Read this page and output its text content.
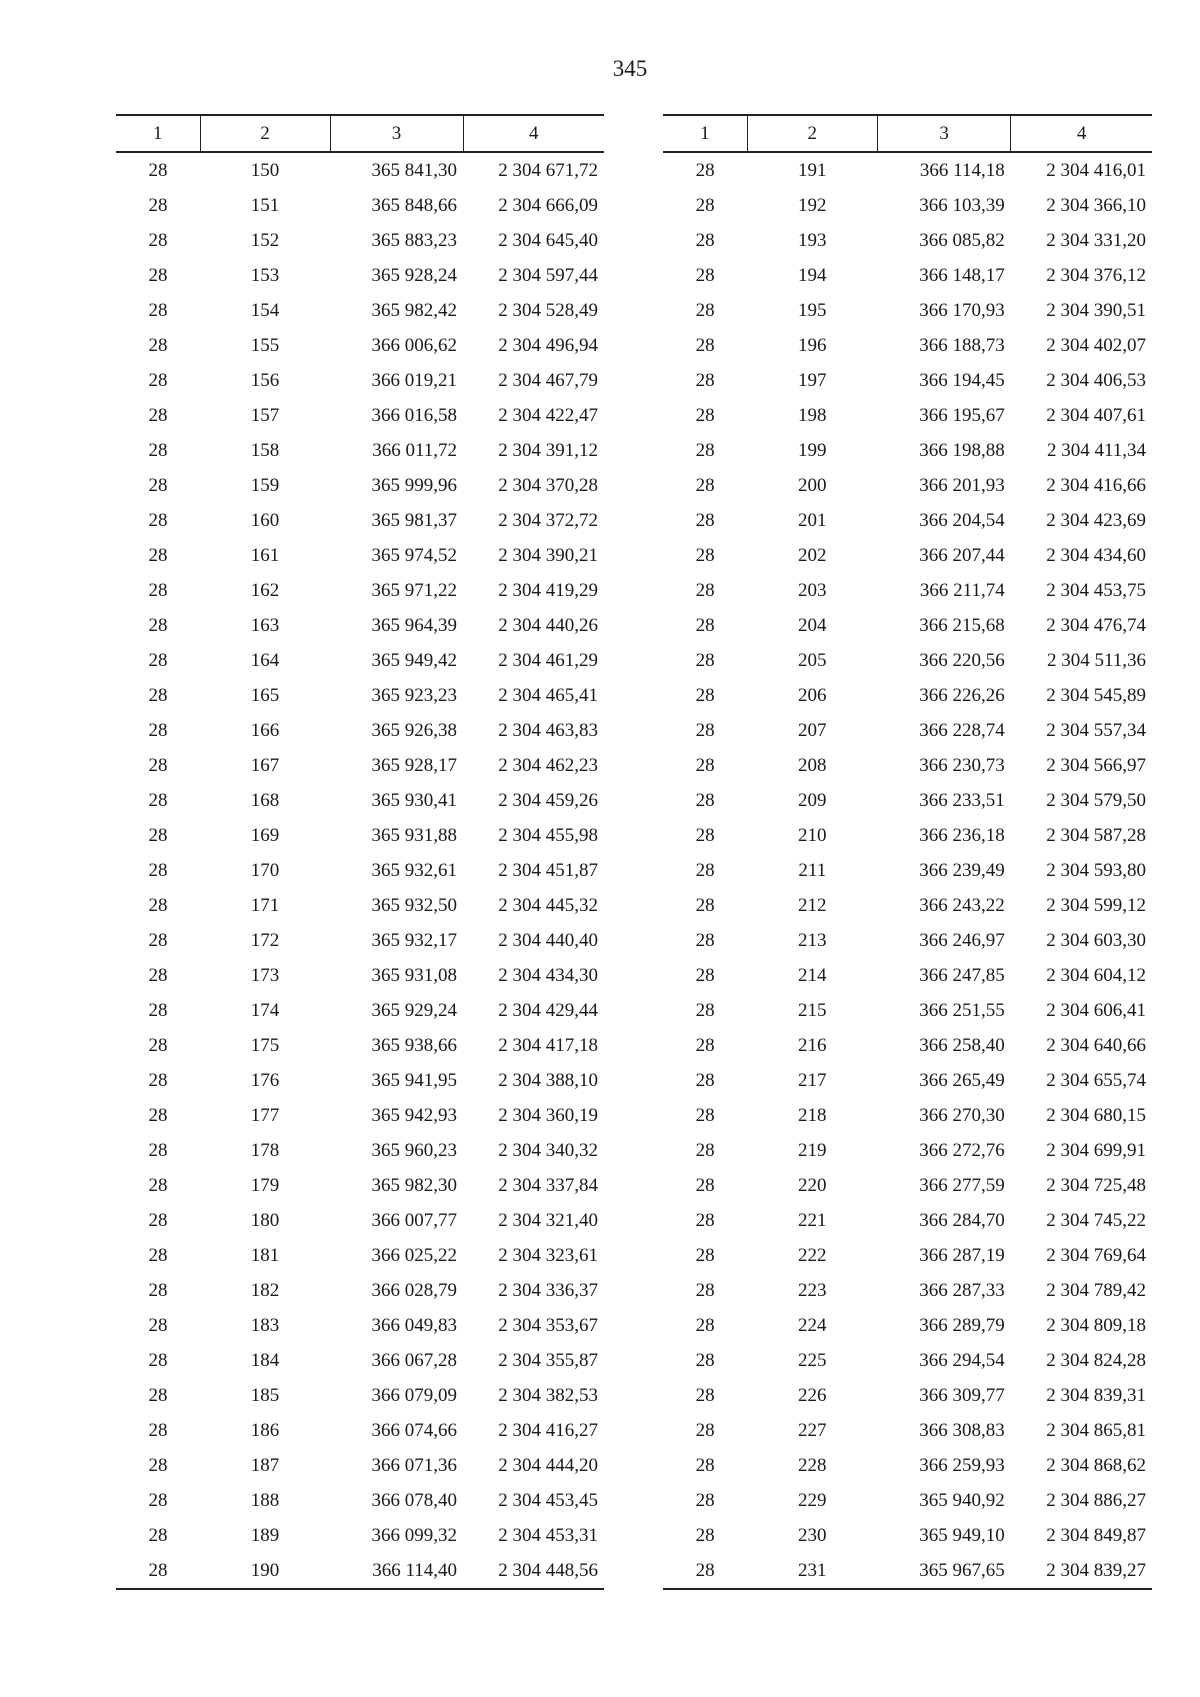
345
1	2	3	4
28	150	365 841,30	2 304 671,72
28	151	365 848,66	2 304 666,09
28	152	365 883,23	2 304 645,40
28	153	365 928,24	2 304 597,44
28	154	365 982,42	2 304 528,49
28	155	366 006,62	2 304 496,94
28	156	366 019,21	2 304 467,79
28	157	366 016,58	2 304 422,47
28	158	366 011,72	2 304 391,12
28	159	365 999,96	2 304 370,28
28	160	365 981,37	2 304 372,72
28	161	365 974,52	2 304 390,21
28	162	365 971,22	2 304 419,29
28	163	365 964,39	2 304 440,26
28	164	365 949,42	2 304 461,29
28	165	365 923,23	2 304 465,41
28	166	365 926,38	2 304 463,83
28	167	365 928,17	2 304 462,23
28	168	365 930,41	2 304 459,26
28	169	365 931,88	2 304 455,98
28	170	365 932,61	2 304 451,87
28	171	365 932,50	2 304 445,32
28	172	365 932,17	2 304 440,40
28	173	365 931,08	2 304 434,30
28	174	365 929,24	2 304 429,44
28	175	365 938,66	2 304 417,18
28	176	365 941,95	2 304 388,10
28	177	365 942,93	2 304 360,19
28	178	365 960,23	2 304 340,32
28	179	365 982,30	2 304 337,84
28	180	366 007,77	2 304 321,40
28	181	366 025,22	2 304 323,61
28	182	366 028,79	2 304 336,37
28	183	366 049,83	2 304 353,67
28	184	366 067,28	2 304 355,87
28	185	366 079,09	2 304 382,53
28	186	366 074,66	2 304 416,27
28	187	366 071,36	2 304 444,20
28	188	366 078,40	2 304 453,45
28	189	366 099,32	2 304 453,31
28	190	366 114,40	2 304 448,56
1	2	3	4
28	191	366 114,18	2 304 416,01
28	192	366 103,39	2 304 366,10
28	193	366 085,82	2 304 331,20
28	194	366 148,17	2 304 376,12
28	195	366 170,93	2 304 390,51
28	196	366 188,73	2 304 402,07
28	197	366 194,45	2 304 406,53
28	198	366 195,67	2 304 407,61
28	199	366 198,88	2 304 411,34
28	200	366 201,93	2 304 416,66
28	201	366 204,54	2 304 423,69
28	202	366 207,44	2 304 434,60
28	203	366 211,74	2 304 453,75
28	204	366 215,68	2 304 476,74
28	205	366 220,56	2 304 511,36
28	206	366 226,26	2 304 545,89
28	207	366 228,74	2 304 557,34
28	208	366 230,73	2 304 566,97
28	209	366 233,51	2 304 579,50
28	210	366 236,18	2 304 587,28
28	211	366 239,49	2 304 593,80
28	212	366 243,22	2 304 599,12
28	213	366 246,97	2 304 603,30
28	214	366 247,85	2 304 604,12
28	215	366 251,55	2 304 606,41
28	216	366 258,40	2 304 640,66
28	217	366 265,49	2 304 655,74
28	218	366 270,30	2 304 680,15
28	219	366 272,76	2 304 699,91
28	220	366 277,59	2 304 725,48
28	221	366 284,70	2 304 745,22
28	222	366 287,19	2 304 769,64
28	223	366 287,33	2 304 789,42
28	224	366 289,79	2 304 809,18
28	225	366 294,54	2 304 824,28
28	226	366 309,77	2 304 839,31
28	227	366 308,83	2 304 865,81
28	228	366 259,93	2 304 868,62
28	229	365 940,92	2 304 886,27
28	230	365 949,10	2 304 849,87
28	231	365 967,65	2 304 839,27
